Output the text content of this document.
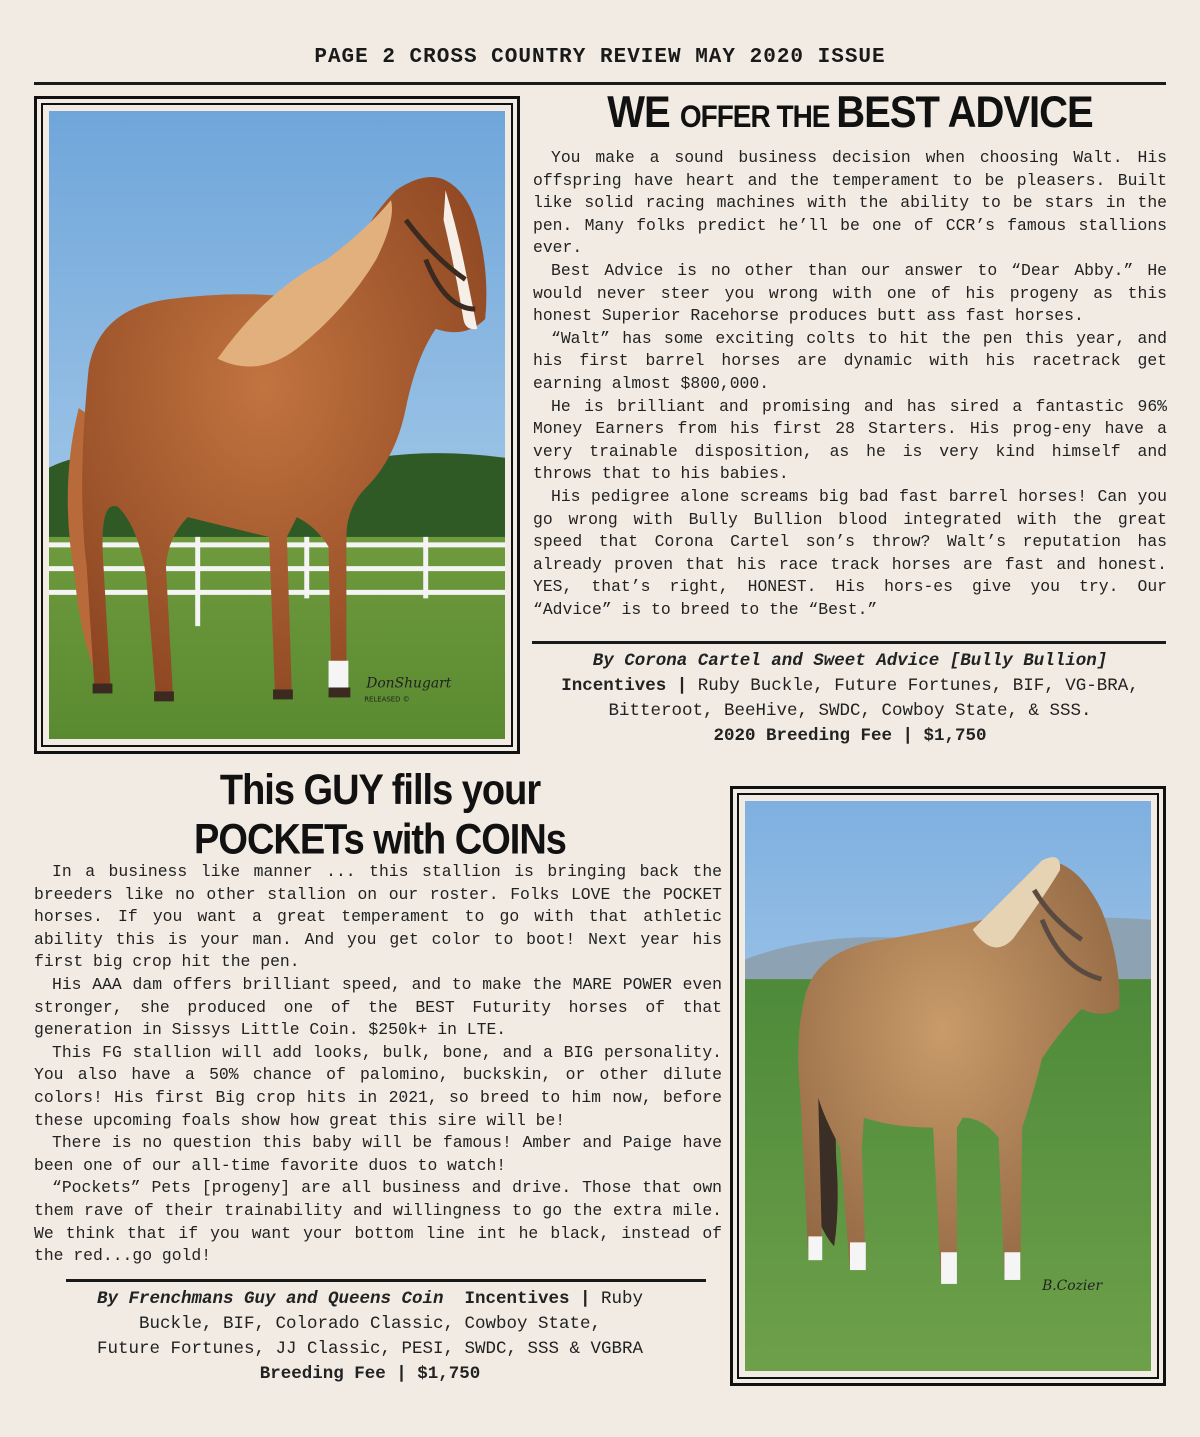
PAGE 2 CROSS COUNTRY REVIEW MAY 2020 ISSUE
DonShugart
RELEASED ©
WE OFFER THE BEST ADVICE

You make a sound business decision when choosing Walt. His offspring have heart and the temperament to be pleasers. Built like solid racing machines with the ability to be stars in the pen. Many folks predict he’ll be one of CCR’s famous stallions ever.

Best Advice is no other than our answer to “Dear Abby.” He would never steer you wrong with one of his progeny as this honest Superior Racehorse produces butt ass fast horses.

“Walt” has some exciting colts to hit the pen this year, and his first barrel horses are dynamic with his racetrack get earning almost $800,000.

He is brilliant and promising and has sired a fantastic 96% Money Earners from his first 28 Starters. His prog-eny have a very trainable disposition, as he is very kind himself and throws that to his babies.

His pedigree alone screams big bad fast barrel horses! Can you go wrong with Bully Bullion blood integrated with the great speed that Corona Cartel son’s throw? Walt’s reputation has already proven that his race track horses are fast and honest. YES, that’s right, HONEST. His hors-es give you try. Our “Advice” is to breed to the “Best.”

By Corona Cartel and Sweet Advice [Bully Bullion]
Incentives | Ruby Buckle, Future Fortunes, BIF, VG-BRA, Bitteroot, BeeHive, SWDC, Cowboy State, & SSS.
2020 Breeding Fee | $1,750
This GUY fills your
POCKETs with COINs

In a business like manner ... this stallion is bringing back the breeders like no other stallion on our roster. Folks LOVE the POCKET horses. If you want a great temperament to go with that athletic ability this is your man. And you get color to boot! Next year his first big crop hit the pen.

His AAA dam offers brilliant speed, and to make the MARE POWER even stronger, she produced one of the BEST Futurity horses of that generation in Sissys Little Coin. $250k+ in LTE.

This FG stallion will add looks, bulk, bone, and a BIG personality. You also have a 50% chance of palomino, buckskin, or other dilute colors! His first Big crop hits in 2021, so breed to him now, before these upcoming foals show how great this sire will be!

There is no question this baby will be famous! Amber and Paige have been one of our all-time favorite duos to watch!

“Pockets” Pets [progeny] are all business and drive. Those that own them rave of their trainability and willingness to go the extra mile. We think that if you want your bottom line int he black, instead of the red...go gold!

By Frenchmans Guy and Queens Coin Incentives | Ruby
Buckle, BIF, Colorado Classic, Cowboy State,
Future Fortunes, JJ Classic, PESI, SWDC, SSS & VGBRA
Breeding Fee | $1,750
B.Cozier
